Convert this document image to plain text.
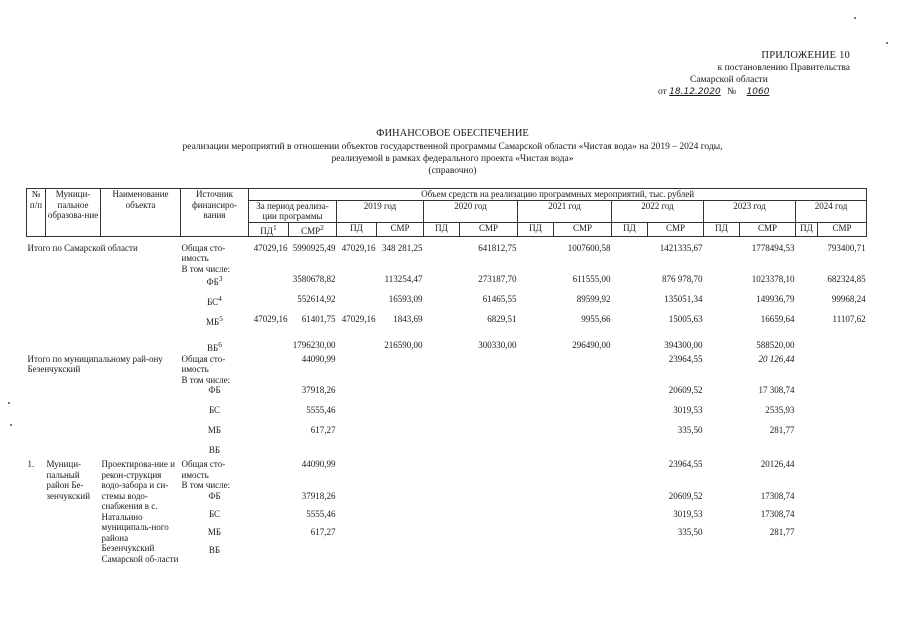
ПРИЛОЖЕНИЕ 10
к постановлению Правительства
Самарской области
от 18.12.2020 № 1060
ФИНАНСОВОЕ ОБЕСПЕЧЕНИЕ
реализации мероприятий в отношении объектов государственной программы Самарской области «Чистая вода» на 2019 – 2024 годы,
реализуемой в рамках федерального проекта «Чистая вода»
(справочно)
№ п/п	Муници-пальное образова-ние	Наименование объекта	Источник финансиро-вания	Объем средств на реализацию программных мероприятий, тыс. рублей													
				За период реализа-ции программы		2019 год		2020 год		2021 год		2022 год		2023 год		2024 год	
				$ПД^1$	СМР$^2$	ПД	СМР	ПД	СМР	ПД	СМР	ПД	СМР	ПД	СМР	ПД	СМР

Итого по Самарской области			Общая сто-имость	47029,16	5990925,49	47029,16	348 281,25		641812,75		1007600,58		1421335,67		1778494,53		793400,71
			В том числе:														
			$ФБ^3$		3580678,82		113254,47		273187,70		611555,00		876 978,70		1023378,10		682324,85
			$БС^4$		552614,92		16593,09		61465,55		89599,92		135051,34		149936,79		99968,24
			$МБ^5$	47029,16	61401,75	47029,16	1843,69		6829,51		9955,66		15005,63		16659,64		11107,62

			$ВБ^6$		1796230,00		216590,00		300330,00		296490,00		394300,00		588520,00		
Итого по муниципальному рай-ону Безенчукский			Общая сто-имость		44090,99								23964,55		20 126,44		
			В том числе:														
			ФБ		37918,26								20609,52		17 308,74		
			БС		5555,46								3019,53		2535,93		
			МБ		617,27								335,50		281,77		
			ВБ														
1.	Муници-пальный район Бе-зенчукский	Проектирова-ние и рекон-струкция водо-забора и си-стемы водо-снабжения в с. Натальино муниципаль-ного района Безенчукский Самарской об-ласти	Общая сто-имость		44090,99								23964,55		20126,44		
			В том числе:														
			ФБ		37918,26								20609,52		17308,74		
			БС		5555,46								3019,53		17308,74		
			МБ		617,27								335,50		281,77		
			ВБ														
